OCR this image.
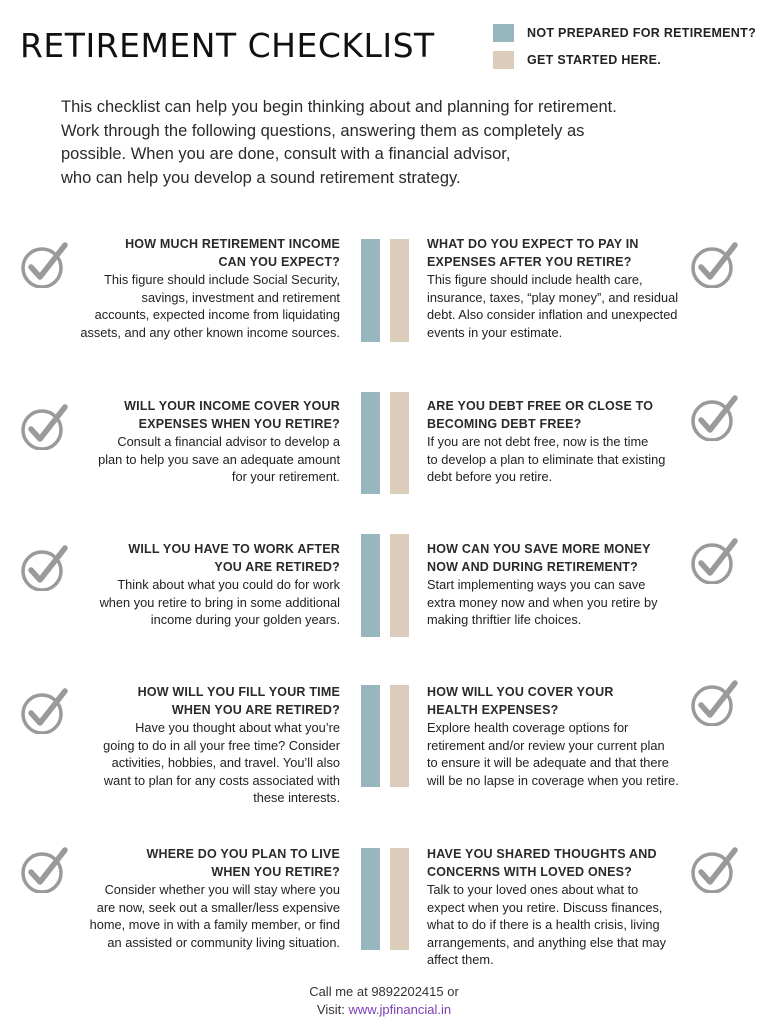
RETIREMENT CHECKLIST	NOT PREPARED FOR RETIREMENT?
GET STARTED HERE.

This checklist can help you begin thinking about and planning for retirement.
Work through the following questions, answering them as completely as
possible. When you are done, consult with a financial advisor,
who can help you develop a sound retirement strategy.

HOW MUCH RETIREMENT INCOME
CAN YOU EXPECT?

This figure should include Social Security,
savings, investment and retirement
accounts, expected income from liquidating
assets, and any other known income sources.

WHAT DO YOU EXPECT TO PAY IN
EXPENSES AFTER YOU RETIRE?

This figure should include health care,
insurance, taxes, “play money”, and residual
debt. Also consider inflation and unexpected
events in your estimate.

WILL YOUR INCOME COVER YOUR
EXPENSES WHEN YOU RETIRE?

Consult a financial advisor to develop a
plan to help you save an adequate amount
for your retirement.

ARE YOU DEBT FREE OR CLOSE TO
BECOMING DEBT FREE?

If you are not debt free, now is the time
to develop a plan to eliminate that existing
debt before you retire.

WILL YOU HAVE TO WORK AFTER
YOU ARE RETIRED?

Think about what you could do for work
when you retire to bring in some additional
income during your golden years.

HOW CAN YOU SAVE MORE MONEY
NOW AND DURING RETIREMENT?

Start implementing ways you can save
extra money now and when you retire by
making thriftier life choices.

HOW WILL YOU FILL YOUR TIME
WHEN YOU ARE RETIRED?

Have you thought about what you’re
going to do in all your free time? Consider
activities, hobbies, and travel. You’ll also
want to plan for any costs associated with
these interests.

HOW WILL YOU COVER YOUR
HEALTH EXPENSES?

Explore health coverage options for
retirement and/or review your current plan
to ensure it will be adequate and that there
will be no lapse in coverage when you retire.

WHERE DO YOU PLAN TO LIVE
WHEN YOU RETIRE?

Consider whether you will stay where you
are now, seek out a smaller/less expensive
home, move in with a family member, or find
an assisted or community living situation.

HAVE YOU SHARED THOUGHTS AND
CONCERNS WITH LOVED ONES?

Talk to your loved ones about what to
expect when you retire. Discuss finances,
what to do if there is a health crisis, living
arrangements, and anything else that may
affect them.

Call me at 9892202415 or
Visit: www.jpfinancial.in
